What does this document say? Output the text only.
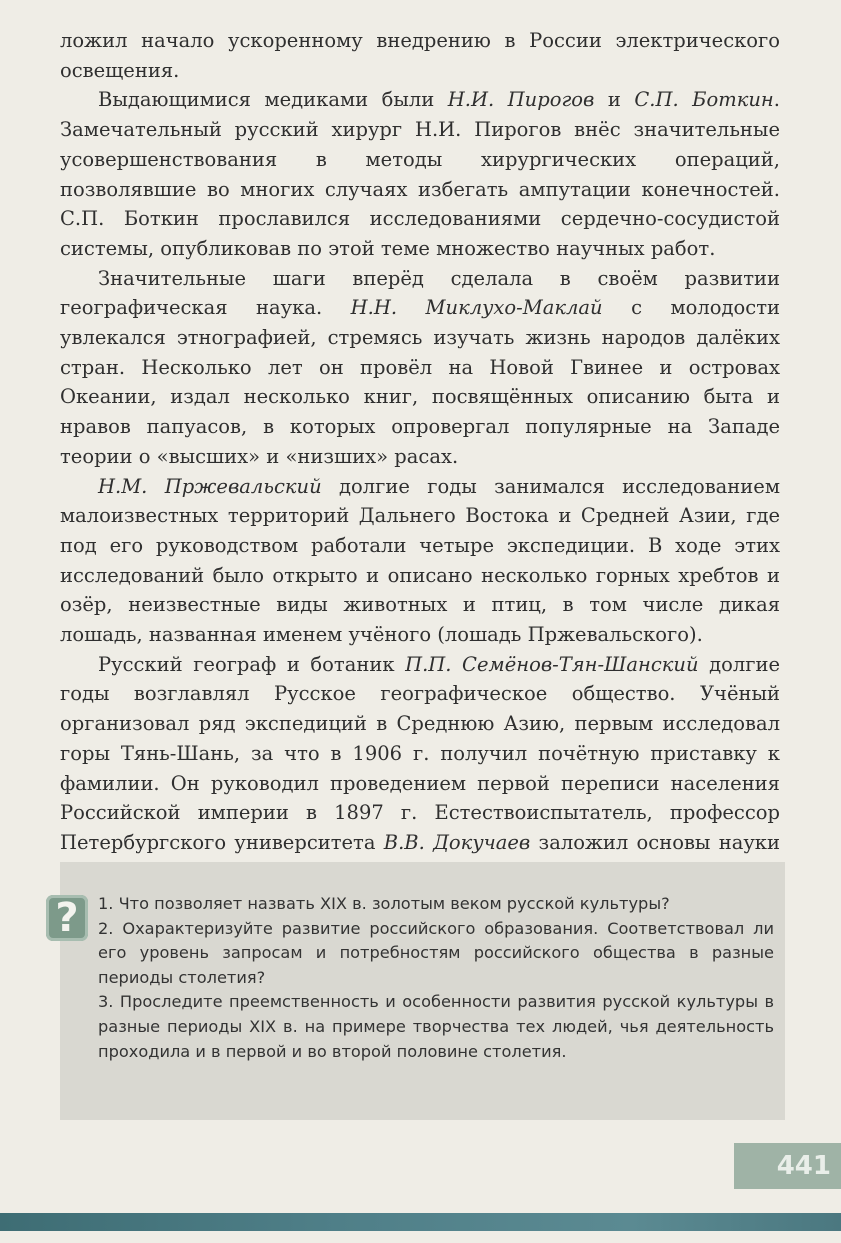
ложил начало ускоренному внедрению в России электрического освещения.

Выдающимися медиками были Н.И. Пирогов и С.П. Боткин. Замечательный русский хирург Н.И. Пирогов внёс значительные усовершенствования в методы хирургических операций, позволявшие во многих случаях избегать ампутации конечностей. С.П. Боткин прославился исследованиями сердечно-сосудистой системы, опубликовав по этой теме множество научных работ.

Значительные шаги вперёд сделала в своём развитии географическая наука. Н.Н. Миклухо-Маклай с молодости увлекался этнографией, стремясь изучать жизнь народов далёких стран. Несколько лет он провёл на Новой Гвинее и островах Океании, издал несколько книг, посвящённых описанию быта и нравов папуасов, в которых опровергал популярные на Западе теории о «высших» и «низших» расах.

Н.М. Пржевальский долгие годы занимался исследованием малоизвестных территорий Дальнего Востока и Средней Азии, где под его руководством работали четыре экспедиции. В ходе этих исследований было открыто и описано несколько горных хребтов и озёр, неизвестные виды животных и птиц, в том числе дикая лошадь, названная именем учёного (лошадь Пржевальского).

Русский географ и ботаник П.П. Семёнов-Тян-Шанский долгие годы возглавлял Русское географическое общество. Учёный организовал ряд экспедиций в Среднюю Азию, первым исследовал горы Тянь-Шань, за что в 1906 г. получил почётную приставку к фамилии. Он руководил проведением первой переписи населения Российской империи в 1897 г. Естествоиспытатель, профессор Петербургского университета В.В. Докучаев заложил основы науки

?	1. Что позволяет назвать XIX в. золотым веком русской культуры?

2. Охарактеризуйте развитие российского образования. Соответствовал ли его уровень запросам и потребностям российского общества в разные периоды столетия?

3. Проследите преемственность и особенности развития русской культуры в разные периоды XIX в. на примере творчества тех людей, чья деятельность проходила и в первой и во второй половине столетия.

441
